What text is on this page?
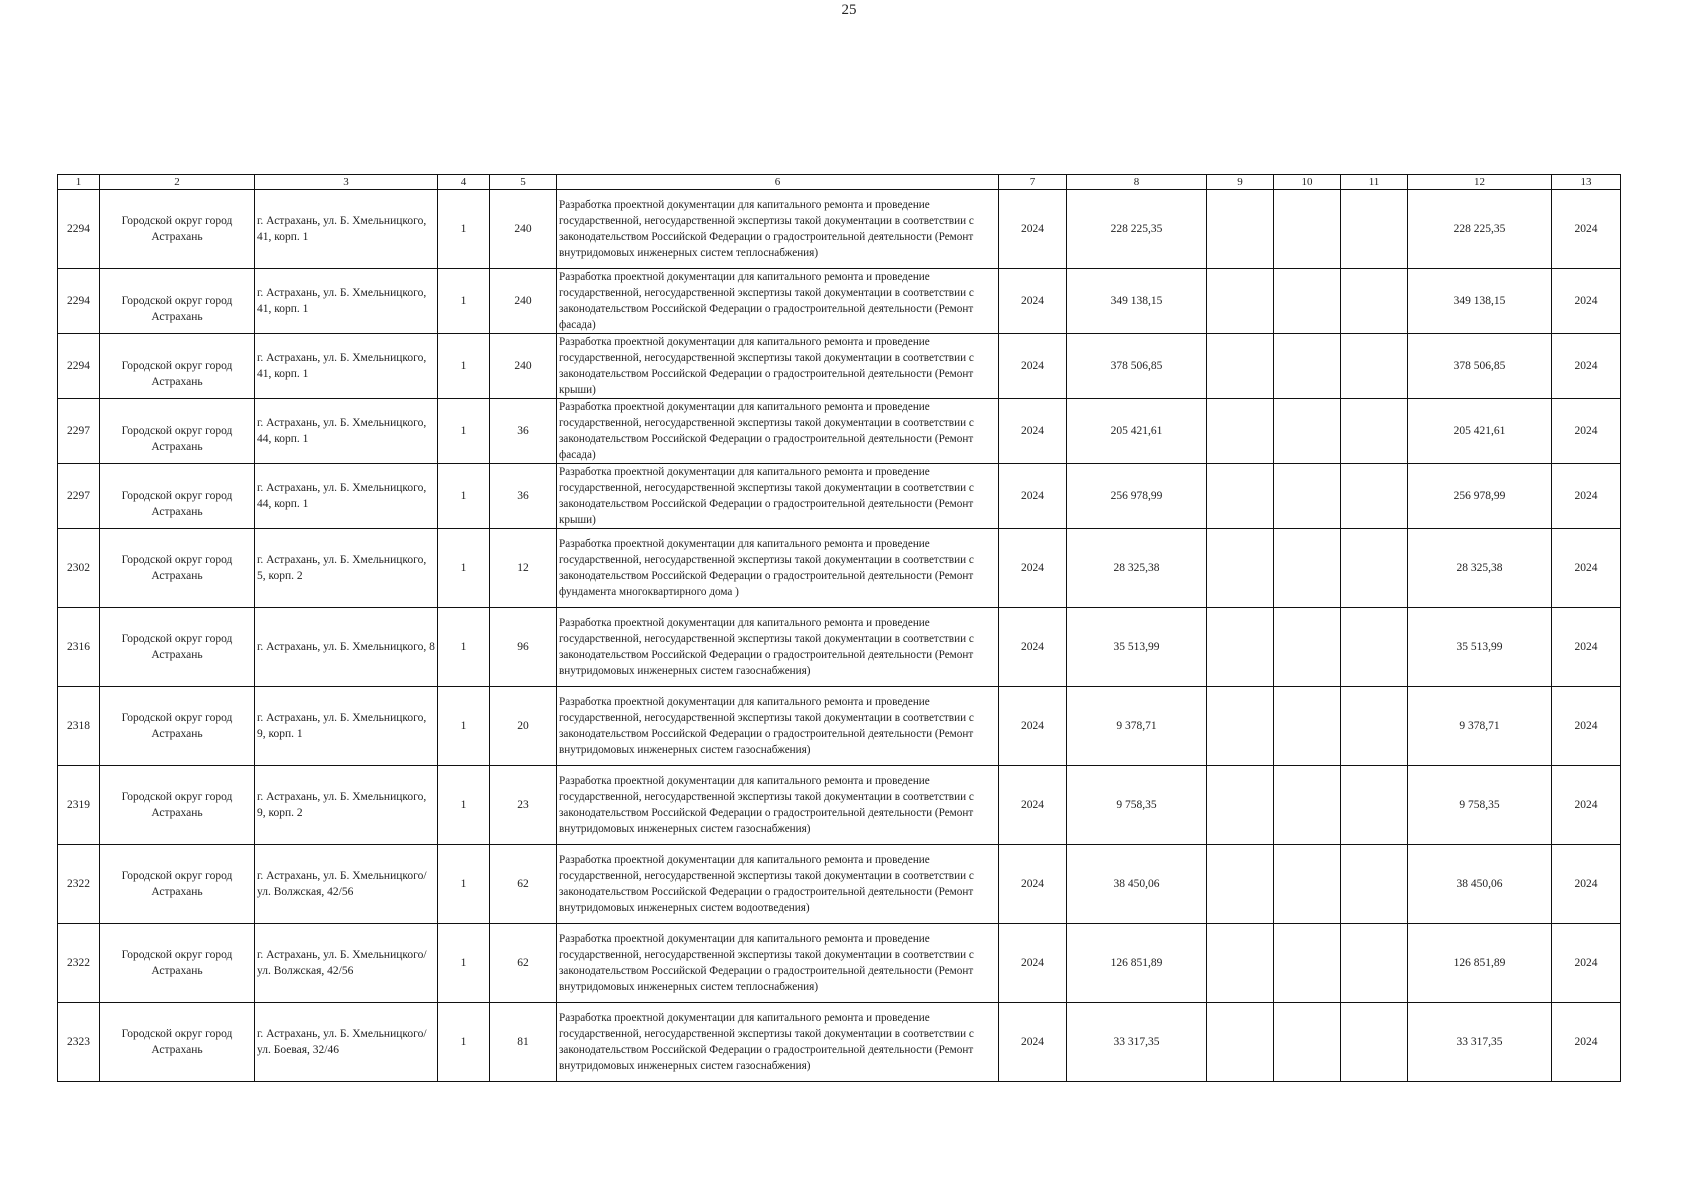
25
1	2	3	4	5	6	7	8	9	10	11	12	13
2294	Городской округ город Астрахань	г. Астрахань, ул. Б. Хмельницкого, 41, корп. 1	1	240	Разработка проектной документации для капитального ремонта и проведение государственной, негосударственной экспертизы такой документации в соответствии с законодательством Российской Федерации о градостроительной деятельности (Ремонт внутридомовых инженерных систем теплоснабжения)	2024	228 225,35				228 225,35	2024
2294	Городской округ город Астрахань	г. Астрахань, ул. Б. Хмельницкого, 41, корп. 1	1	240	Разработка проектной документации для капитального ремонта и проведение государственной, негосударственной экспертизы такой документации в соответствии с законодательством Российской Федерации о градостроительной деятельности (Ремонт фасада)	2024	349 138,15				349 138,15	2024
2294	Городской округ город Астрахань	г. Астрахань, ул. Б. Хмельницкого, 41, корп. 1	1	240	Разработка проектной документации для капитального ремонта и проведение государственной, негосударственной экспертизы такой документации в соответствии с законодательством Российской Федерации о градостроительной деятельности (Ремонт крыши)	2024	378 506,85				378 506,85	2024
2297	Городской округ город Астрахань	г. Астрахань, ул. Б. Хмельницкого, 44, корп. 1	1	36	Разработка проектной документации для капитального ремонта и проведение государственной, негосударственной экспертизы такой документации в соответствии с законодательством Российской Федерации о градостроительной деятельности (Ремонт фасада)	2024	205 421,61				205 421,61	2024
2297	Городской округ город Астрахань	г. Астрахань, ул. Б. Хмельницкого, 44, корп. 1	1	36	Разработка проектной документации для капитального ремонта и проведение государственной, негосударственной экспертизы такой документации в соответствии с законодательством Российской Федерации о градостроительной деятельности (Ремонт крыши)	2024	256 978,99				256 978,99	2024
2302	Городской округ город Астрахань	г. Астрахань, ул. Б. Хмельницкого, 5, корп. 2	1	12	Разработка проектной документации для капитального ремонта и проведение государственной, негосударственной экспертизы такой документации в соответствии с законодательством Российской Федерации о градостроительной деятельности (Ремонт фундамента многоквартирного дома )	2024	28 325,38				28 325,38	2024
2316	Городской округ город Астрахань	г. Астрахань, ул. Б. Хмельницкого, 8	1	96	Разработка проектной документации для капитального ремонта и проведение государственной, негосударственной экспертизы такой документации в соответствии с законодательством Российской Федерации о градостроительной деятельности (Ремонт внутридомовых инженерных систем газоснабжения)	2024	35 513,99				35 513,99	2024
2318	Городской округ город Астрахань	г. Астрахань, ул. Б. Хмельницкого, 9, корп. 1	1	20	Разработка проектной документации для капитального ремонта и проведение государственной, негосударственной экспертизы такой документации в соответствии с законодательством Российской Федерации о градостроительной деятельности (Ремонт внутридомовых инженерных систем газоснабжения)	2024	9 378,71				9 378,71	2024
2319	Городской округ город Астрахань	г. Астрахань, ул. Б. Хмельницкого, 9, корп. 2	1	23	Разработка проектной документации для капитального ремонта и проведение государственной, негосударственной экспертизы такой документации в соответствии с законодательством Российской Федерации о градостроительной деятельности (Ремонт внутридомовых инженерных систем газоснабжения)	2024	9 758,35				9 758,35	2024
2322	Городской округ город Астрахань	г. Астрахань, ул. Б. Хмельницкого/ ул. Волжская, 42/56	1	62	Разработка проектной документации для капитального ремонта и проведение государственной, негосударственной экспертизы такой документации в соответствии с законодательством Российской Федерации о градостроительной деятельности (Ремонт внутридомовых инженерных систем водоотведения)	2024	38 450,06				38 450,06	2024
2322	Городской округ город Астрахань	г. Астрахань, ул. Б. Хмельницкого/ ул. Волжская, 42/56	1	62	Разработка проектной документации для капитального ремонта и проведение государственной, негосударственной экспертизы такой документации в соответствии с законодательством Российской Федерации о градостроительной деятельности (Ремонт внутридомовых инженерных систем теплоснабжения)	2024	126 851,89				126 851,89	2024
2323	Городской округ город Астрахань	г. Астрахань, ул. Б. Хмельницкого/ ул. Боевая, 32/46	1	81	Разработка проектной документации для капитального ремонта и проведение государственной, негосударственной экспертизы такой документации в соответствии с законодательством Российской Федерации о градостроительной деятельности (Ремонт внутридомовых инженерных систем газоснабжения)	2024	33 317,35				33 317,35	2024
